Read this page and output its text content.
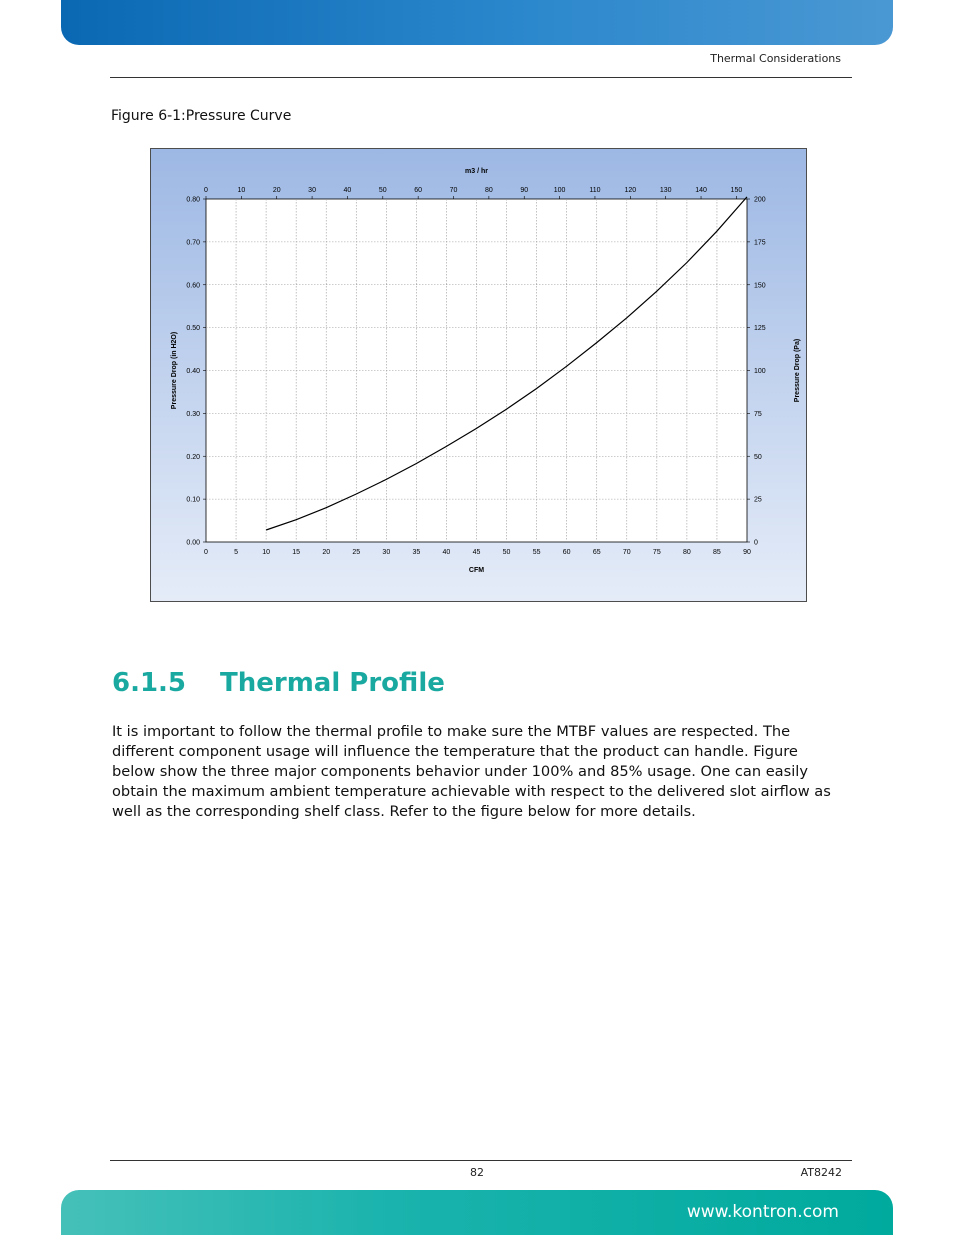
Thermal Considerations
Figure 6-1:Pressure Curve
0	5	10	15	20	25	30	35	40	45	50	55	60	65	70	75	80	85	90
0	10	20	30	40	50	60	70	80	90	100	110	120	130	140	150
0.00
0.10
0.20
0.30
0.40
0.50
0.60
0.70
0.80
0
25
50
75
100
125
150
175
200
CFM
m3 / hr
Pressure Drop (in H2O)	Pressure Drop (Pa)
6.1.5 Thermal Profile

It is important to follow the thermal profile to make sure the MTBF values are respected. The different component usage will influence the temperature that the product can handle. Figure below show the three major components behavior under 100% and 85% usage. One can easily obtain the maximum ambient temperature achievable with respect to the delivered slot airflow as well as the corresponding shelf class. Refer to the figure below for more details.

82	AT8242
www.kontron.com
